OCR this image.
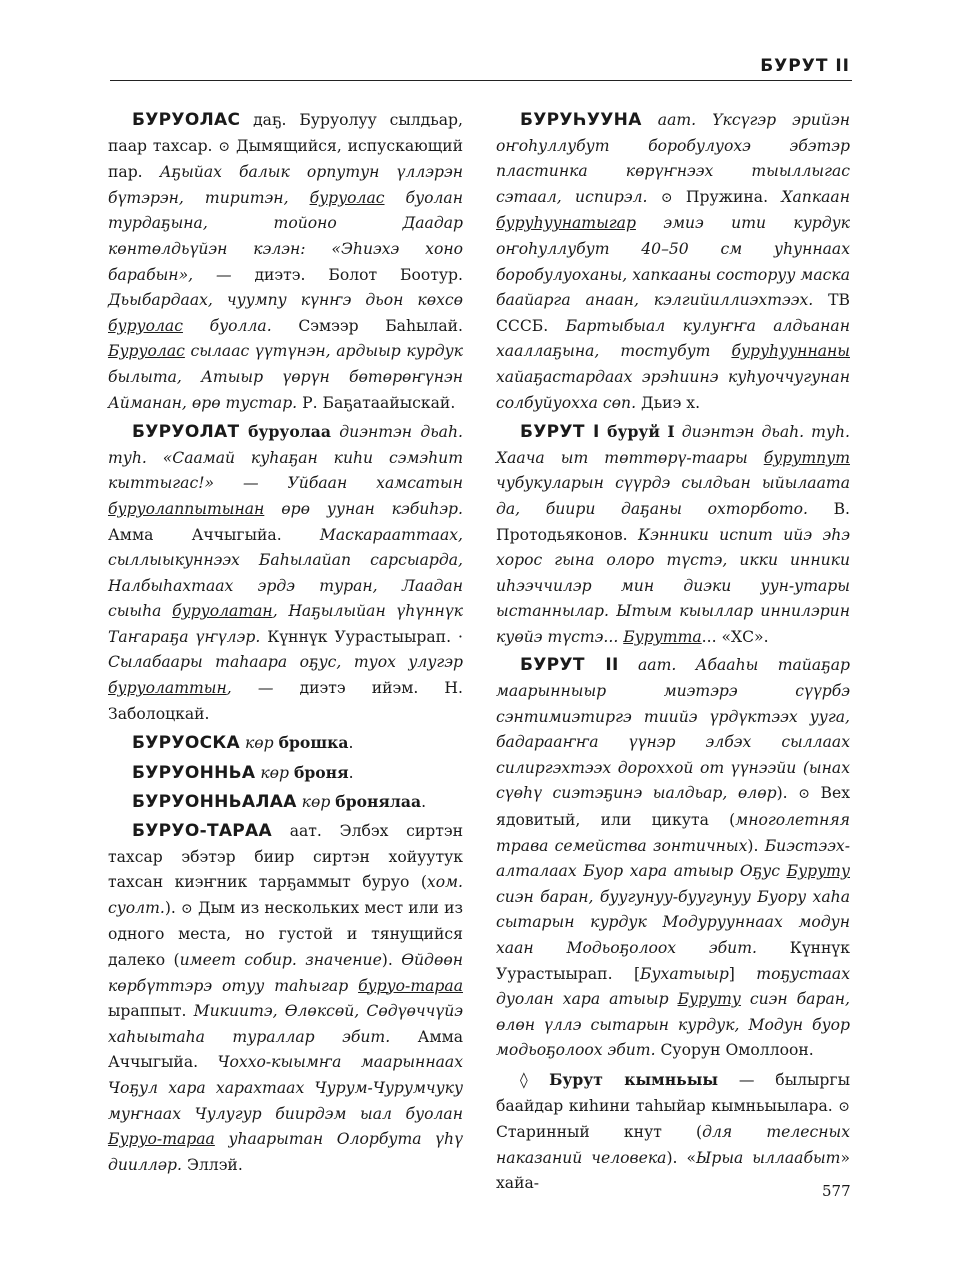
БУРУТ II

БУРУОЛАС даҕ. Буруолуу сылдьар, паар тахсар. ⊙ Дымящийся, испускающий пар. Аҕыйах балык орпутун үллэрэн бүтэрэн, тиритэн, буруолас буолан турдаҕына, тойоно Даадар көнтөлдьүйэн кэлэн: «Эһиэхэ хоно барабын», — диэтэ. Болот Боотур. Дьыбардаах, чуумпу күнҥэ дьон көхсө буруолас буолла. Сэмээр Баһылай. Буруолас сылаас үүтүнэн, ардыыр курдук былыта, Атыыр үөрүн бөтөрөҥүнэн Айманан, өрө тустар. Р. Баҕатаайыскай.

БУРУОЛАТ буруолаа диэнтэн дьаһ. туһ. «Саамай куһаҕан киһи сэмэһит кыттыгас!» — Уйбаан хамсатын буруолаппытынан өрө уунан кэбиһэр. Амма Аччыгыйа. Маскарааттаах, сыллыыкуннээх Баһылайап сарсыарда, Налбыһахтаах эрдэ туран, Лаадан сыыһа буруолатан, Наҕылыйан үһүннүк Таҥараҕа үҥүлэр. Күннүк Уурастыырап. · Сылабаары таһаара оҕус, туох улугэр буруолаттын, — диэтэ ийэм. Н. Заболоцкай.

БУРУОСКА көр брошка.

БУРУОННЬА көр броня.

БУРУОННЬАЛАА көр бронялаа.

БУРУО-ТАРАА аат. Элбэх сиртэн тахсар эбэтэр биир сиртэн хойуутук тахсан киэҥник тарҕаммыт буруо (хом. суолт.). ⊙ Дым из нескольких мест или из одного места, но густой и тянущийся далеко (имеет собир. значение). Өйдөөн көрбүттэрэ отуу таһыгар буруо-тараа ыраппыт. Микиитэ, Өлөксөй, Сөдүөччүйэ хаһыытаһа тураллар эбит. Амма Аччыгыйа. Чоххо-кыымҥа маарыннаах Чоҕул хара харахтаах Чурум-Чурумчуку муҥнаах Чулугур биирдэм ыал буолан Буруо-тараа уһаарытан Олорбута үһү диилләр. Эллэй.

БУРУҺУУНА аат. Үксүгэр эрийэн оҥоһуллубут боробулуохэ эбэтэр пластинка көрүҥнээх тыыллыгас сэтаал, испирэл. ⊙ Пружина. Хапкаан буруһуунатыгар эмиэ ити курдук оҥоһуллубут 40–50 см уһуннаах боробулуоханы, хапкааны состоруу маска баайарга анаан, кэлгийиллиэхтээх. ТВ СССБ. Бартыбыал кулуҥҥа алдьанан хааллаҕына, тостубут буруһууннаны хайаҕастардаах эрэһиинэ куһуоччугунан солбуйуохха сөп. Дьиэ х.

БУРУТ I буруй I диэнтэн дьаһ. туһ. Хаача ыт төттөрү-таары бурутпут чубукуларын сүүрдэ сылдьан ыйылаата да, биири даҕаны охторбото. В. Протодьяконов. Кэнники испит ийэ эһэ хорос гына олоро түстэ, икки инники иһээччилэр мин диэки уун-утары ыстаннылар. Ытым кыыллар иннилэрин куөйэ түстэ... Бурутта... «ХС».

БУРУТ II аат. Абааһы тайаҕар маарынныыр миэтэрэ сүүрбэ сэнтимиэтиргэ тиийэ үрдүктээх ууга, бадарааҥҥа үүнэр элбэх сыллаах силиргэхтээх дороххой от үүнээйи (ынах сүөһү сиэтэҕинэ ыалдьар, өлөр). ⊙ Вех ядовитый, или цикута (многолетняя трава семейства зонтичных). Биэстээх-алталаах Буор хара атыыр Оҕус Буруту сиэн баран, буугунуу-буугунуу Буору хаһа сытарын курдук Модурууннаах модун хаан Модьоҕолоох эбит. Күннүк Уурастыырап. [Бухатыыр] тоҕустаах дуолан хара атыыр Буруту сиэн баран, өлөн үллэ сытарын курдук, Модун буор модьоҕолоох эбит. Суорун Омоллоон.

◊ Бурут кымньыы — былыргы баайдар киһини таһыйар кымньыылара. ⊙ Старинный кнут (для телесных наказаний человека). «Ырыа ыллаабыт» хайа-	577
